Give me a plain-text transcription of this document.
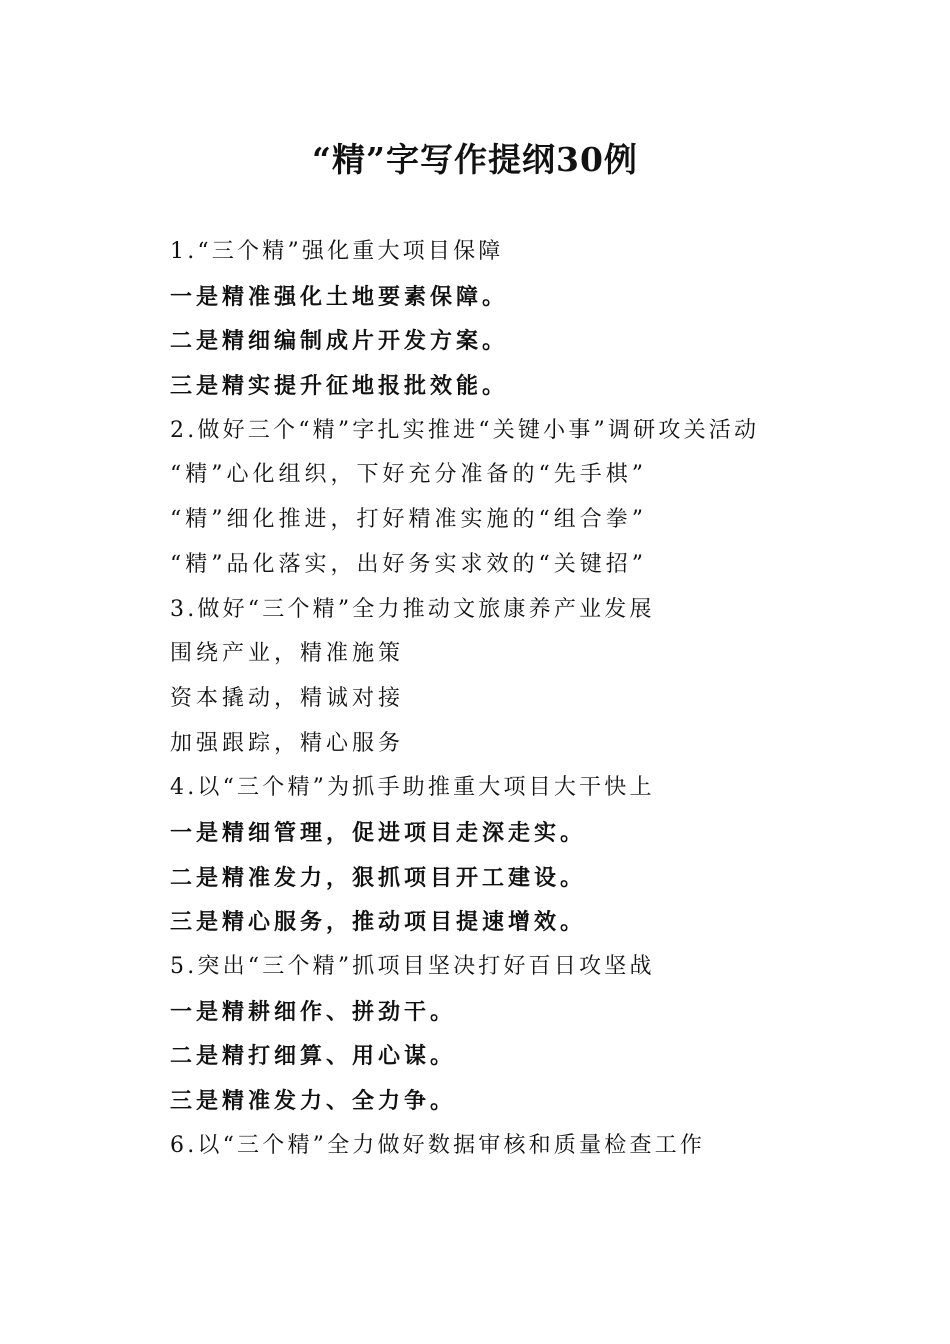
“精”字写作提纲30例
1.“三个精”强化重大项目保障
一是精准强化土地要素保障。
二是精细编制成片开发方案。
三是精实提升征地报批效能。
2.做好三个“精”字扎实推进“关键小事”调研攻关活动
“精”心化组织，下好充分准备的“先手棋”
“精”细化推进，打好精准实施的“组合拳”
“精”品化落实，出好务实求效的“关键招”
3.做好“三个精”全力推动文旅康养产业发展
围绕产业，精准施策
资本撬动，精诚对接
加强跟踪，精心服务
4.以“三个精”为抓手助推重大项目大干快上
一是精细管理，促进项目走深走实。
二是精准发力，狠抓项目开工建设。
三是精心服务，推动项目提速增效。
5.突出“三个精”抓项目坚决打好百日攻坚战
一是精耕细作、拼劲干。
二是精打细算、用心谋。
三是精准发力、全力争。
6.以“三个精”全力做好数据审核和质量检查工作
